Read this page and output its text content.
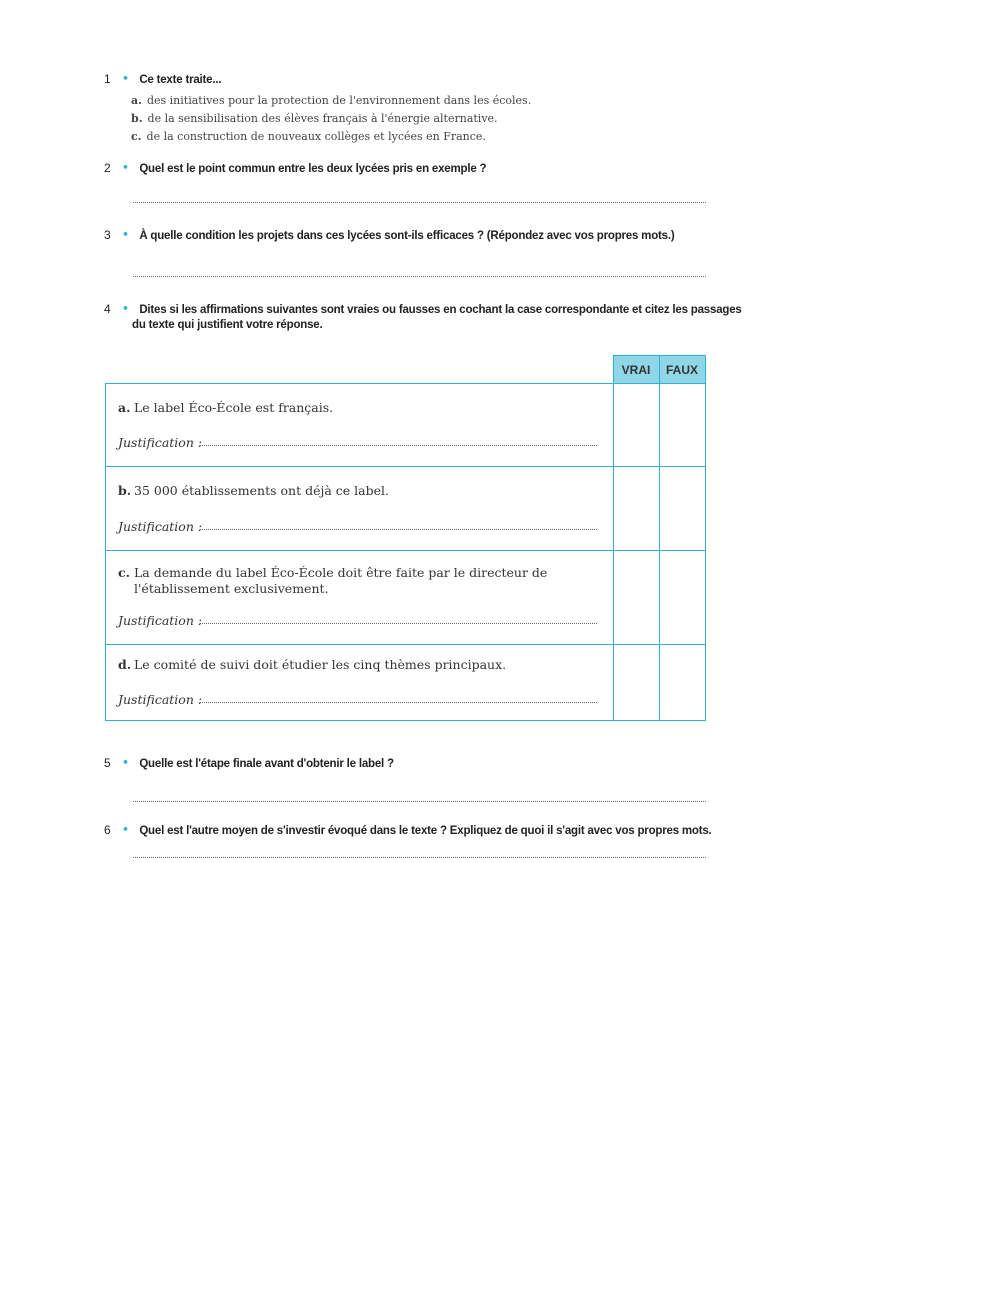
1 • Ce texte traite...
a. des initiatives pour la protection de l'environnement dans les écoles.
b. de la sensibilisation des élèves français à l'énergie alternative.
c. de la construction de nouveaux collèges et lycées en France.
2 • Quel est le point commun entre les deux lycées pris en exemple ?
3 • À quelle condition les projets dans ces lycées sont-ils efficaces ? (Répondez avec vos propres mots.)
4 • Dites si les affirmations suivantes sont vraies ou fausses en cochant la case correspondante et citez les passages
du texte qui justifient votre réponse.
	VRAI	FAUX

a. Le label Éco-École est français.
Justification :		

b. 35 000 établissements ont déjà ce label.
Justification :		

c. La demande du label Éco-École doit être faite par le directeur de l'établissement exclusivement.
Justification :		

d. Le comité de suivi doit étudier les cinq thèmes principaux.
Justification :		

5 • Quelle est l'étape finale avant d'obtenir le label ?
6 • Quel est l'autre moyen de s'investir évoqué dans le texte ? Expliquez de quoi il s'agit avec vos propres mots.
